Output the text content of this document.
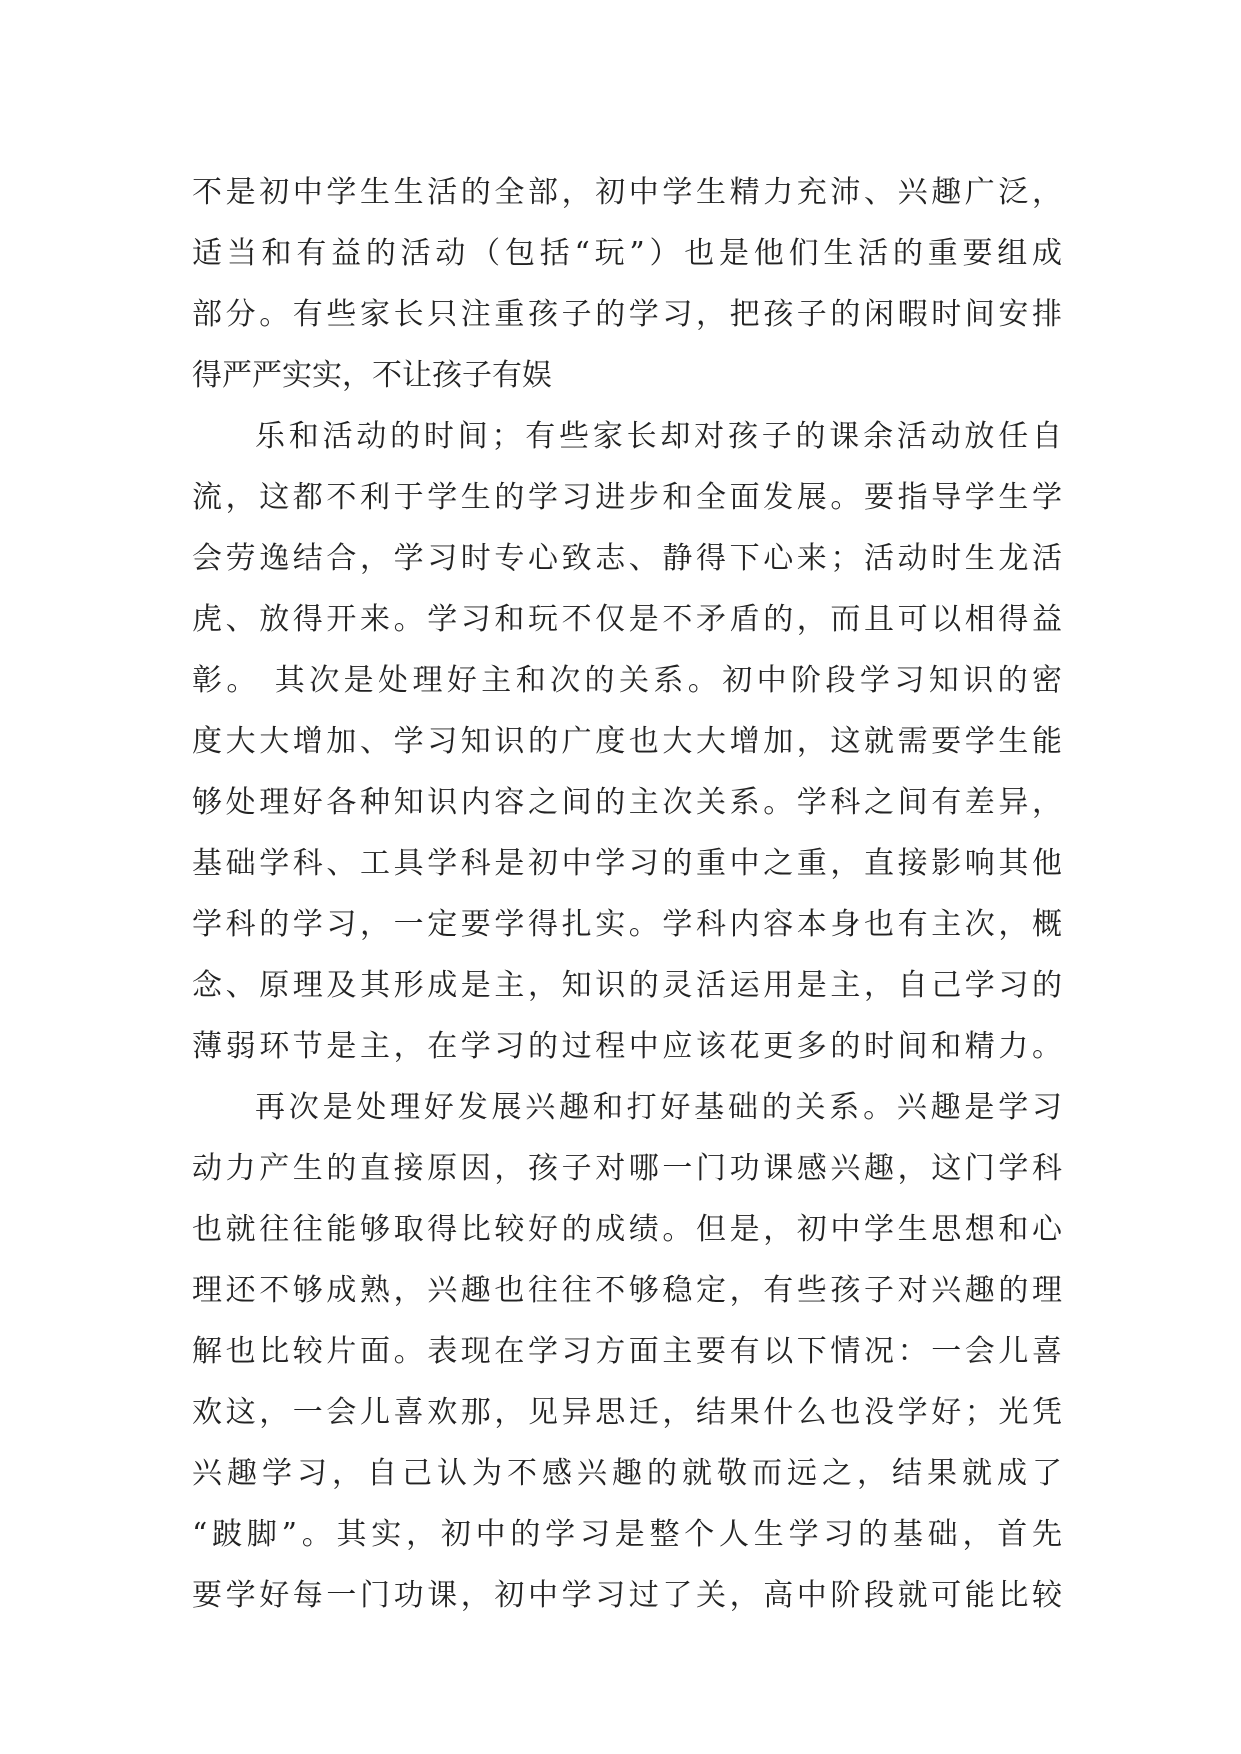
不是初中学生生活的全部，初中学生精力充沛、兴趣广泛，
适当和有益的活动（包括“玩”）也是他们生活的重要组成
部分。有些家长只注重孩子的学习，把孩子的闲暇时间安排
得严严实实，不让孩子有娱
乐和活动的时间；有些家长却对孩子的课余活动放任自
流，这都不利于学生的学习进步和全面发展。要指导学生学
会劳逸结合，学习时专心致志、静得下心来；活动时生龙活
虎、放得开来。学习和玩不仅是不矛盾的，而且可以相得益
彰。 其次是处理好主和次的关系。初中阶段学习知识的密
度大大增加、学习知识的广度也大大增加，这就需要学生能
够处理好各种知识内容之间的主次关系。学科之间有差异，
基础学科、工具学科是初中学习的重中之重，直接影响其他
学科的学习，一定要学得扎实。学科内容本身也有主次，概
念、原理及其形成是主，知识的灵活运用是主，自己学习的
薄弱环节是主，在学习的过程中应该花更多的时间和精力。
再次是处理好发展兴趣和打好基础的关系。兴趣是学习
动力产生的直接原因，孩子对哪一门功课感兴趣，这门学科
也就往往能够取得比较好的成绩。但是，初中学生思想和心
理还不够成熟，兴趣也往往不够稳定，有些孩子对兴趣的理
解也比较片面。表现在学习方面主要有以下情况：一会儿喜
欢这，一会儿喜欢那，见异思迁，结果什么也没学好；光凭
兴趣学习，自己认为不感兴趣的就敬而远之，结果就成了
“跛脚”。其实，初中的学习是整个人生学习的基础，首先
要学好每一门功课，初中学习过了关，高中阶段就可能比较
